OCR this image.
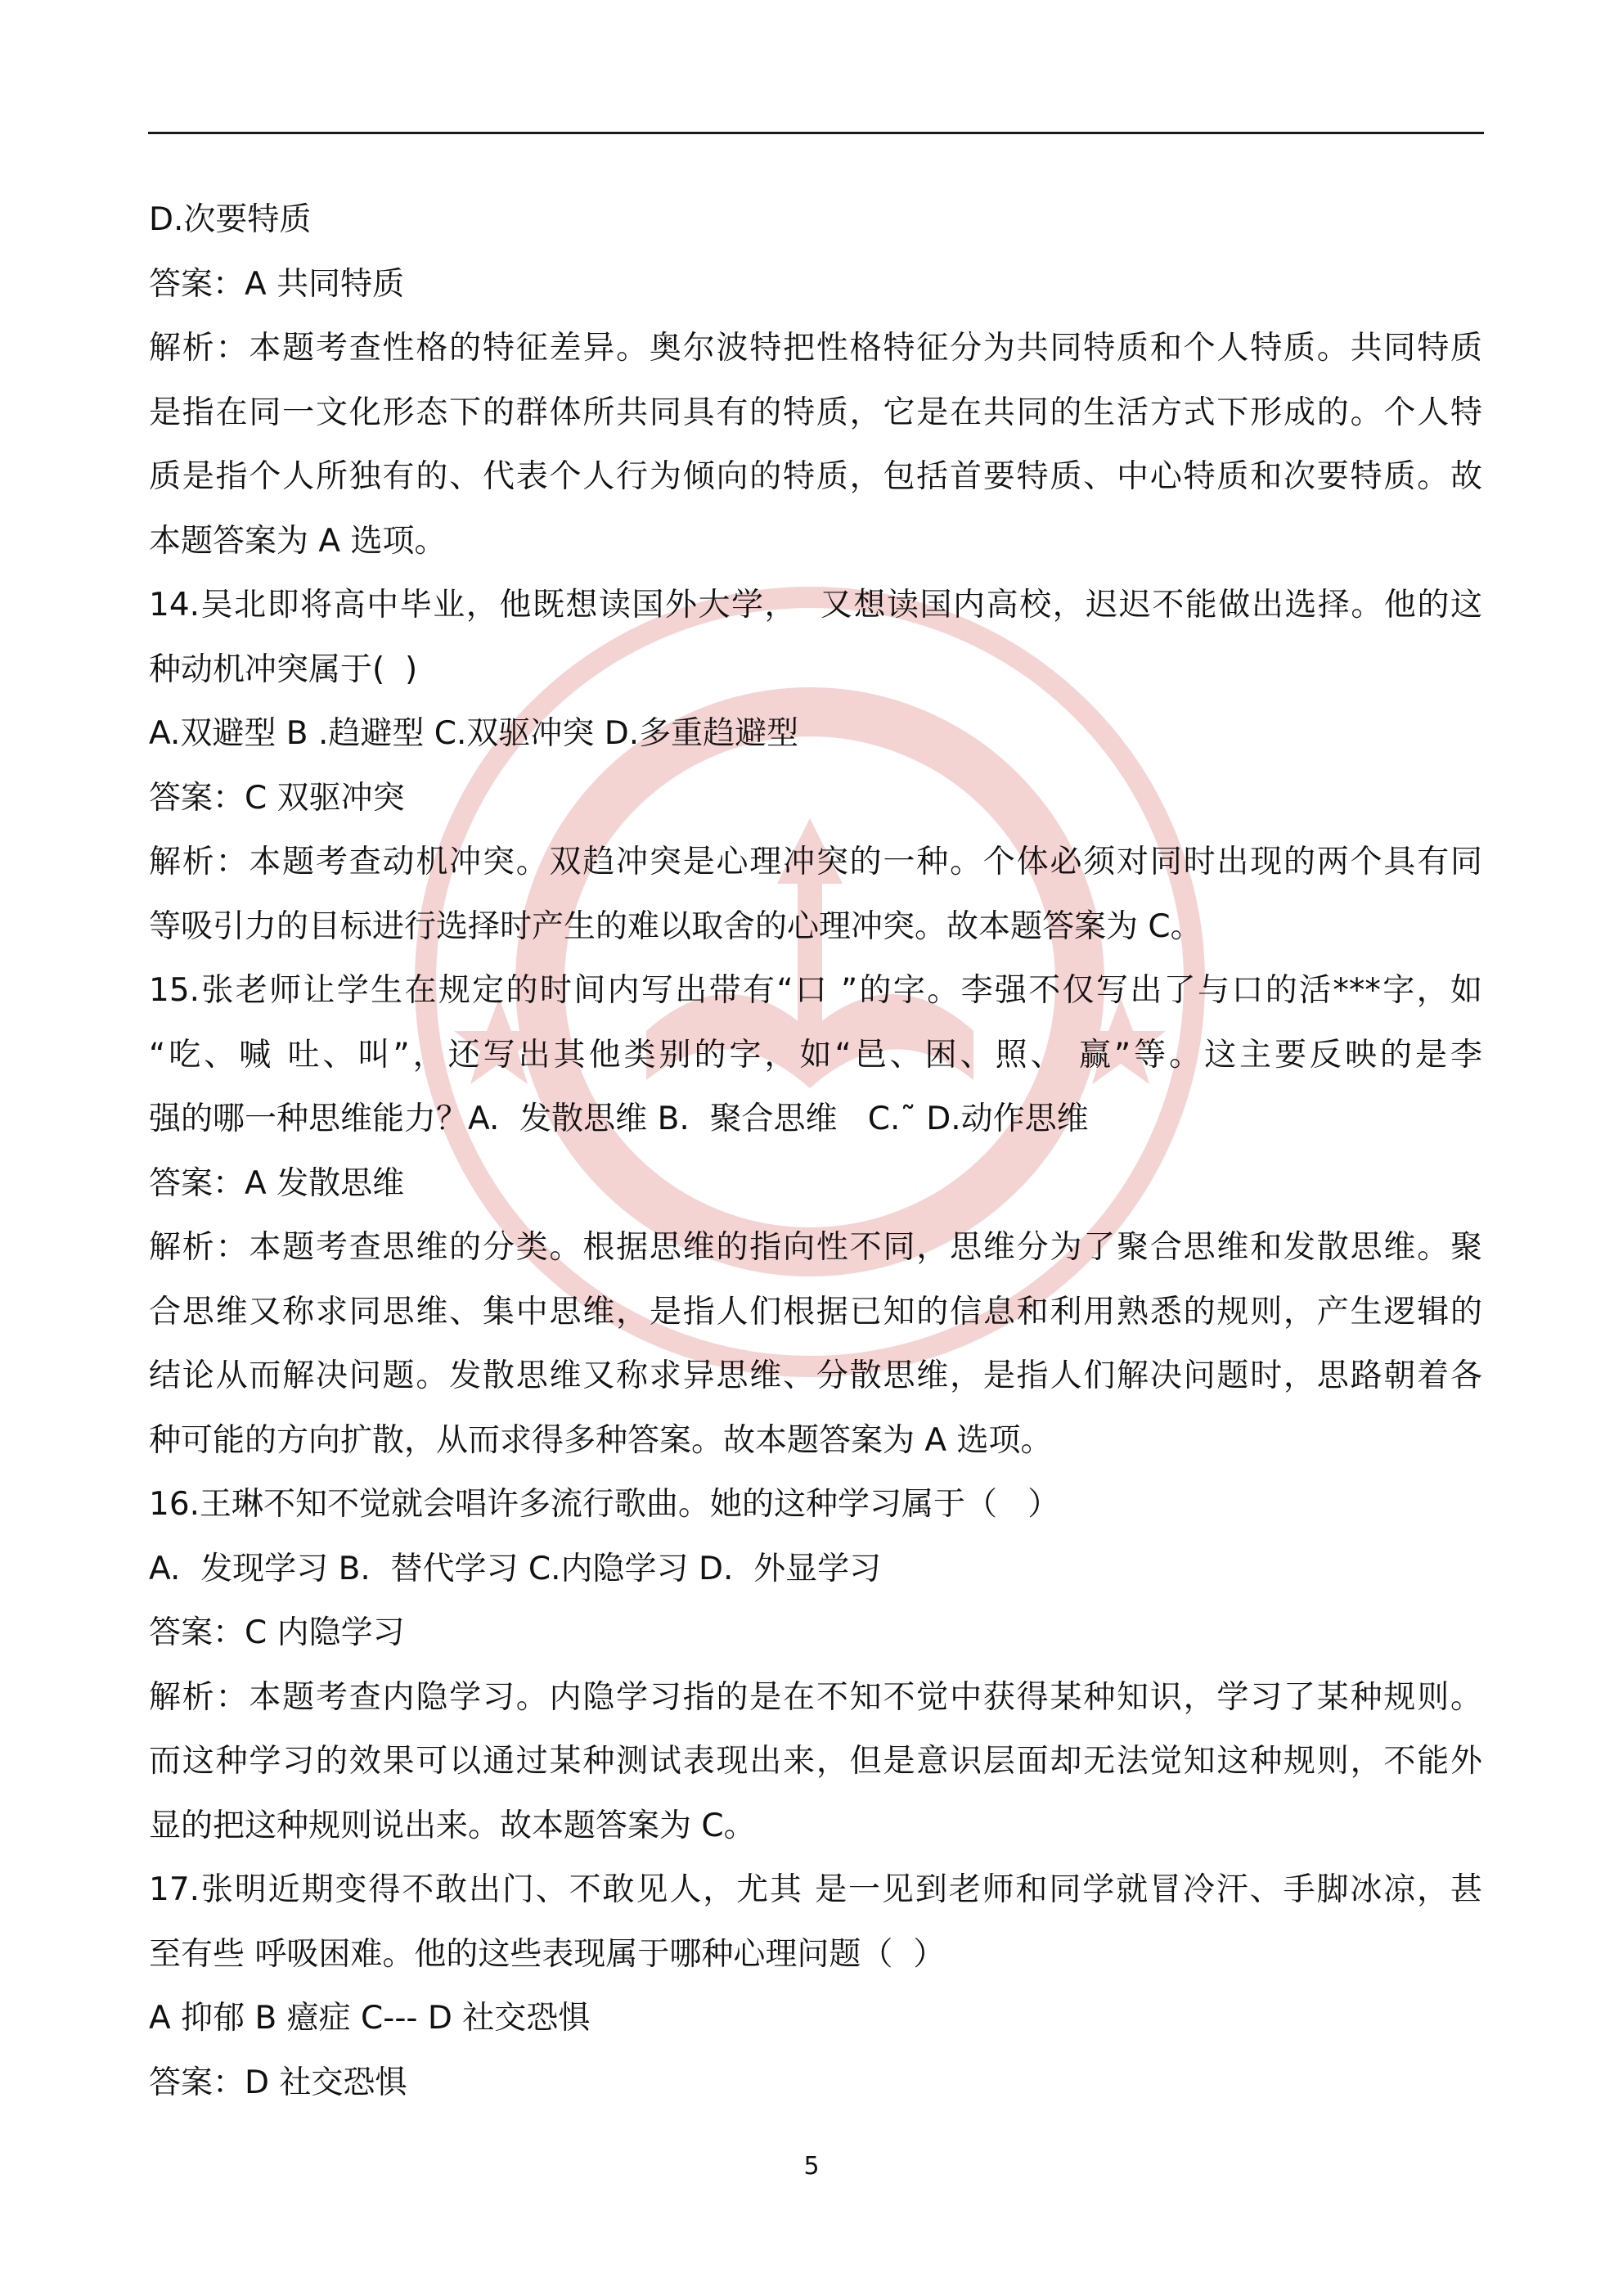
D.次要特质
答案：A 共同特质
解析：本题考查性格的特征差异。奥尔波特把性格特征分为共同特质和个人特质。共同特质
是指在同一文化形态下的群体所共同具有的特质，它是在共同的生活方式下形成的。个人特
质是指个人所独有的、代表个人行为倾向的特质，包括首要特质、中心特质和次要特质。故
本题答案为 A 选项。
14.吴北即将高中毕业，他既想读国外大学，  又想读国内高校，迟迟不能做出选择。他的这
种动机冲突属于(  )
A.双避型 B .趋避型 C.双驱冲突 D.多重趋避型
答案：C 双驱冲突
解析：本题考查动机冲突。双趋冲突是心理冲突的一种。个体必须对同时出现的两个具有同
等吸引力的目标进行选择时产生的难以取舍的心理冲突。故本题答案为 C。
15.张老师让学生在规定的时间内写出带有“口 ”的字。李强不仅写出了与口的活***字，如
“吃、喊 吐、叫”，还写出其他类别的字，如“邑、困、照、 赢”等。这主要反映的是李
强的哪一种思维能力？A.  发散思维 B.  聚合思维   C.˜ D.动作思维
答案：A 发散思维
解析：本题考查思维的分类。根据思维的指向性不同，思维分为了聚合思维和发散思维。聚
合思维又称求同思维、集中思维，是指人们根据已知的信息和利用熟悉的规则，产生逻辑的
结论从而解决问题。发散思维又称求异思维、分散思维，是指人们解决问题时，思路朝着各
种可能的方向扩散，从而求得多种答案。故本题答案为 A 选项。
16.王琳不知不觉就会唱许多流行歌曲。她的这种学习属于（   ）
A.  发现学习 B.  替代学习 C.内隐学习 D.  外显学习
答案：C 内隐学习
解析：本题考查内隐学习。内隐学习指的是在不知不觉中获得某种知识，学习了某种规则。
而这种学习的效果可以通过某种测试表现出来，但是意识层面却无法觉知这种规则，不能外
显的把这种规则说出来。故本题答案为 C。
17.张明近期变得不敢出门、不敢见人，尤其 是一见到老师和同学就冒冷汗、手脚冰凉，甚
至有些 呼吸困难。他的这些表现属于哪种心理问题（  ）
A 抑郁 B 癔症 C--- D 社交恐惧
答案：D 社交恐惧
5
